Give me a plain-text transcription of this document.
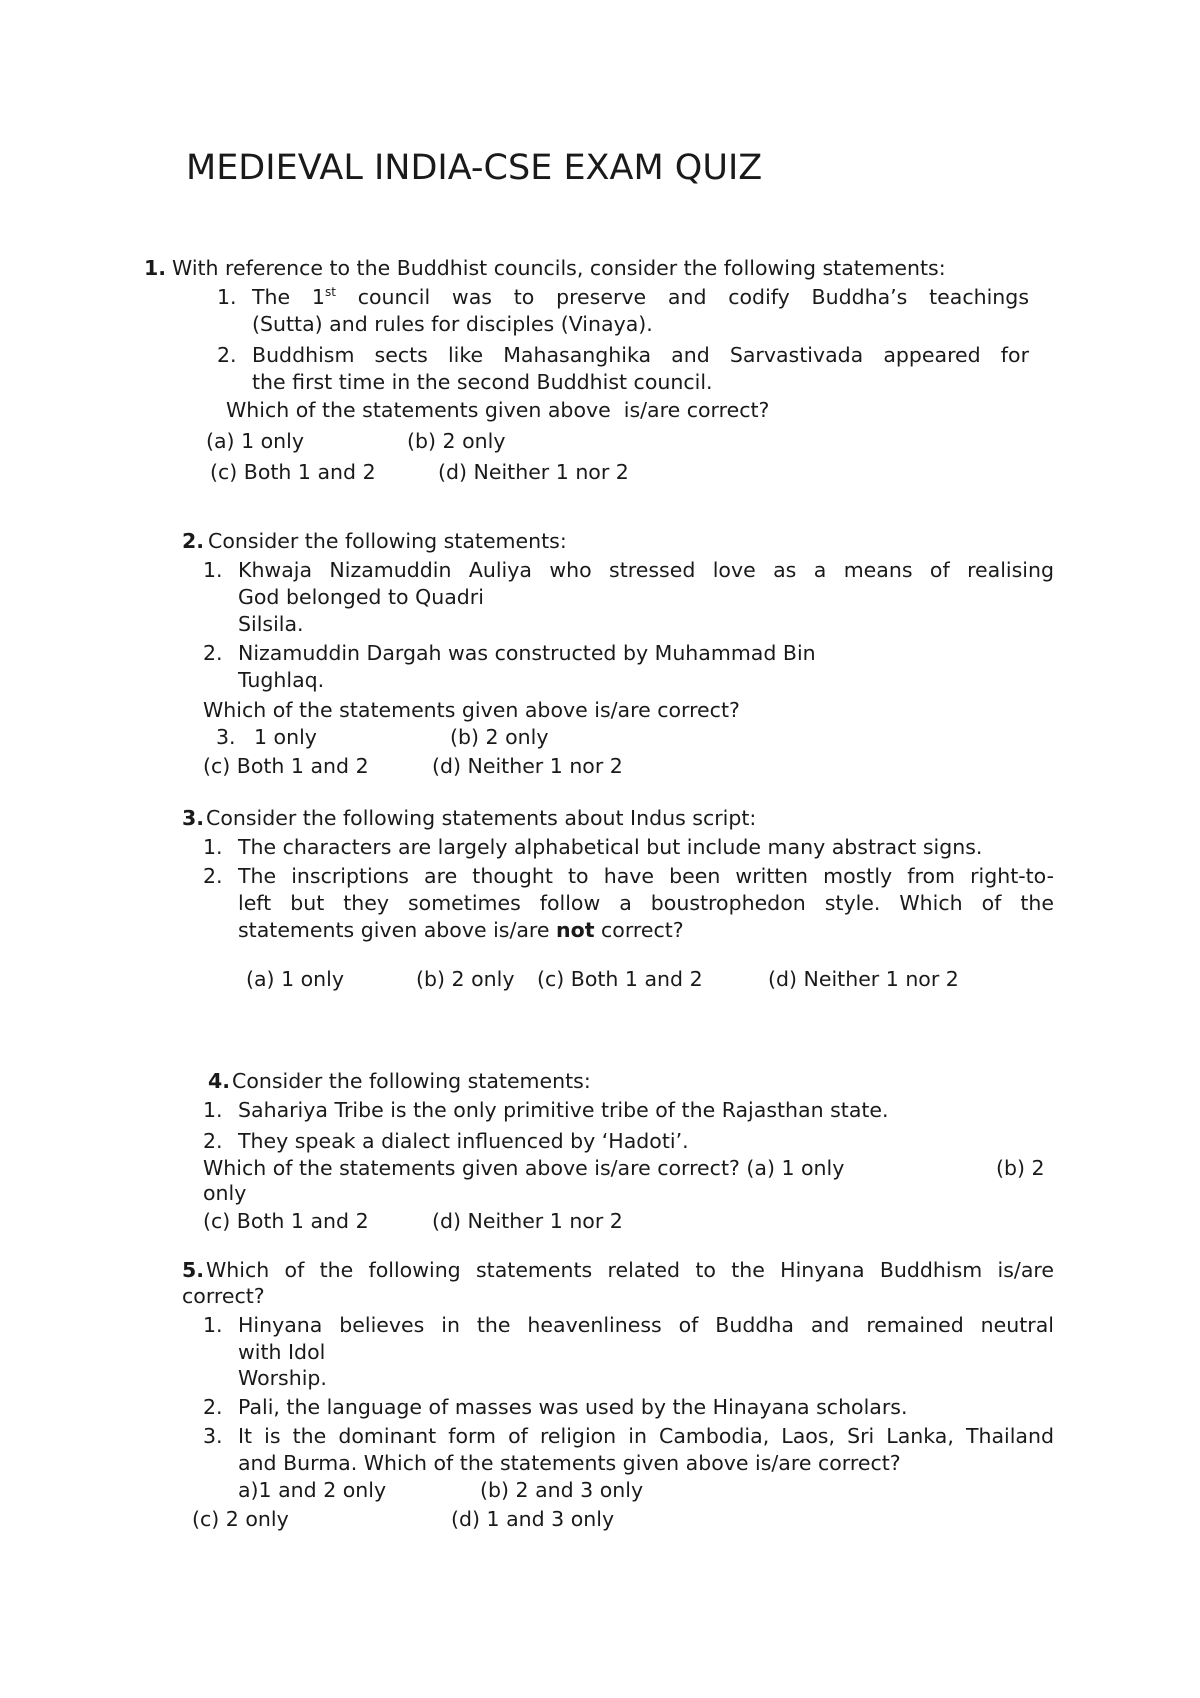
MEDIEVAL INDIA-CSE EXAM QUIZ
1. With reference to the Buddhist councils, consider the following statements:
1. The 1st council was to preserve and codify Buddha’s teachings
(Sutta) and rules for disciples (Vinaya).
2. Buddhism sects like Mahasanghika and Sarvastivada appeared for
the first time in the second Buddhist council.
Which of the statements given above  is/are correct?
(a) 1 only	(b) 2 only
(c) Both 1 and 2	(d) Neither 1 nor 2
2. Consider the following statements:
1. Khwaja Nizamuddin Auliya who stressed love as a means of realising
God belonged to Quadri
Silsila.
2. Nizamuddin Dargah was constructed by Muhammad Bin
Tughlaq.
Which of the statements given above is/are correct?
3. 1 only	(b) 2 only
(c) Both 1 and 2	(d) Neither 1 nor 2
3. Consider the following statements about Indus script:
1. The characters are largely alphabetical but include many abstract signs.
2. The inscriptions are thought to have been written mostly from right-to-
left but they sometimes follow a boustrophedon style. Which of the
statements given above is/are not correct?
(a) 1 only	(b) 2 only (c) Both 1 and 2	(d) Neither 1 nor 2
4. Consider the following statements:
1. Sahariya Tribe is the only primitive tribe of the Rajasthan state.
2. They speak a dialect influenced by ‘Hadoti’.
Which of the statements given above is/are correct? (a) 1 only	(b) 2
only
(c) Both 1 and 2	(d) Neither 1 nor 2
5. Which of the following statements related to the Hinyana Buddhism is/are
correct?
1. Hinyana believes in the heavenliness of Buddha and remained neutral
with Idol
Worship.
2. Pali, the language of masses was used by the Hinayana scholars.
3. It is the dominant form of religion in Cambodia, Laos, Sri Lanka, Thailand
and Burma. Which of the statements given above is/are correct?
a)1 and 2 only	(b) 2 and 3 only
(c) 2 only	(d) 1 and 3 only
